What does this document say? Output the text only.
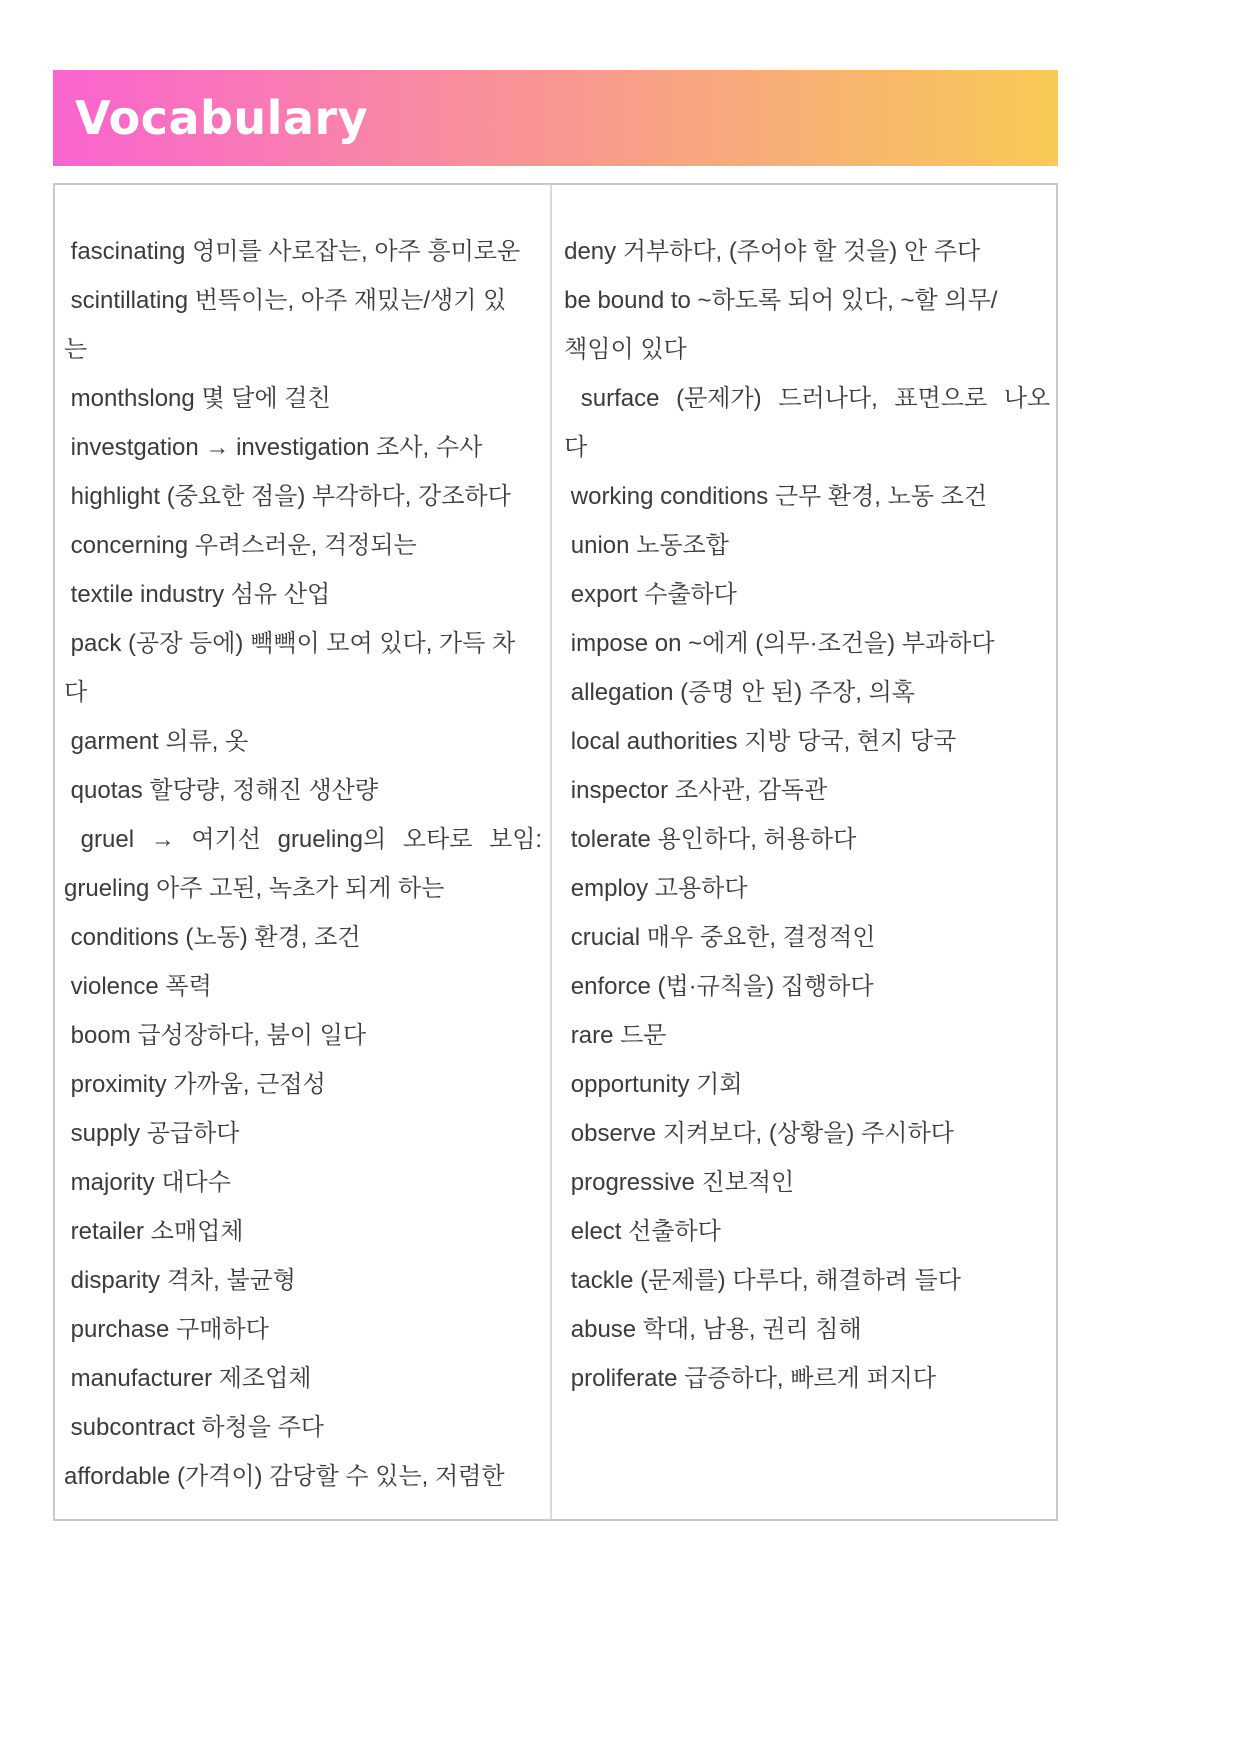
Vocabulary
fascinating 영미를 사로잡는, 아주 흥미로운
scintillating 번뜩이는, 아주 재밌는/생기 있
는
monthslong 몇 달에 걸친
investgation → investigation 조사, 수사
highlight (중요한 점을) 부각하다, 강조하다
concerning 우려스러운, 걱정되는
textile industry 섬유 산업
pack (공장 등에) 빽빽이 모여 있다, 가득 차
다
garment 의류, 옷
quotas 할당량, 정해진 생산량
gruel → 여기선 grueling의 오타로 보임:
grueling 아주 고된, 녹초가 되게 하는
conditions (노동) 환경, 조건
violence 폭력
boom 급성장하다, 붐이 일다
proximity 가까움, 근접성
supply 공급하다
majority 대다수
retailer 소매업체
disparity 격차, 불균형
purchase 구매하다
manufacturer 제조업체
subcontract 하청을 주다
affordable (가격이) 감당할 수 있는, 저렴한
deny 거부하다, (주어야 할 것을) 안 주다
be bound to ~하도록 되어 있다, ~할 의무/
책임이 있다
surface (문제가) 드러나다, 표면으로 나오
다
working conditions 근무 환경, 노동 조건
union 노동조합
export 수출하다
impose on ~에게 (의무·조건을) 부과하다
allegation (증명 안 된) 주장, 의혹
local authorities 지방 당국, 현지 당국
inspector 조사관, 감독관
tolerate 용인하다, 허용하다
employ 고용하다
crucial 매우 중요한, 결정적인
enforce (법·규칙을) 집행하다
rare 드문
opportunity 기회
observe 지켜보다, (상황을) 주시하다
progressive 진보적인
elect 선출하다
tackle (문제를) 다루다, 해결하려 들다
abuse 학대, 남용, 권리 침해
proliferate 급증하다, 빠르게 퍼지다
